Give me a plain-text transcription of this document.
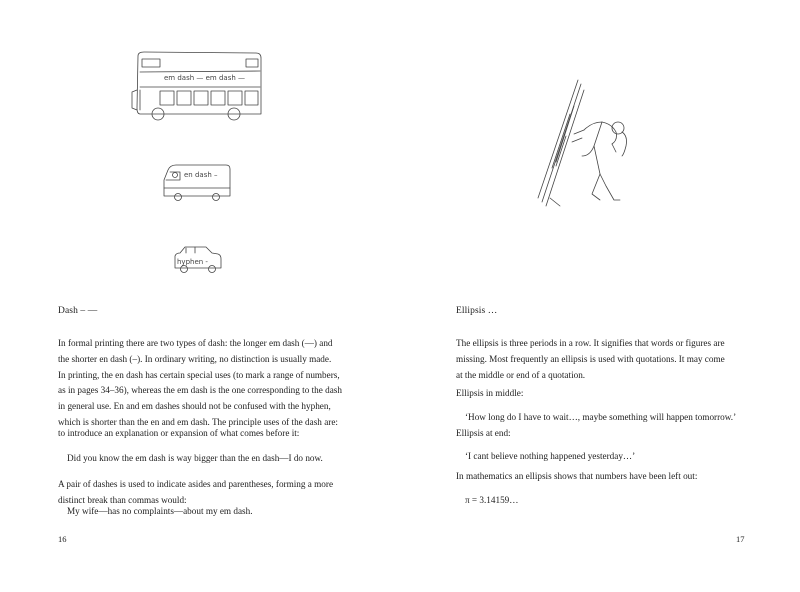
em dash — em dash —
en dash –
hyphen -
Dash – —

In formal printing there are two types of dash: the longer em dash (—) and
the shorter en dash (–). In ordinary writing, no distinction is usually made.
In printing, the en dash has certain special uses (to mark a range of numbers,
as in pages 34–36), whereas the em dash is the one corresponding to the dash
in general use. En and em dashes should not be confused with the hyphen,
which is shorter than the en and em dash. The principle uses of the dash are:

to introduce an explanation or expansion of what comes before it:

Did you know the em dash is way bigger than the en dash—I do now.

A pair of dashes is used to indicate asides and parentheses, forming a more
distinct break than commas would:

My wife—has no complaints—about my em dash.

16
Ellipsis …

The ellipsis is three periods in a row. It signifies that words or figures are
missing. Most frequently an ellipsis is used with quotations. It may come
at the middle or end of a quotation.

Ellipsis in middle:

‘How long do I have to wait…, maybe something will happen tomorrow.’

Ellipsis at end:

‘I cant believe nothing happened yesterday…’

In mathematics an ellipsis shows that numbers have been left out:

π = 3.14159…

17
